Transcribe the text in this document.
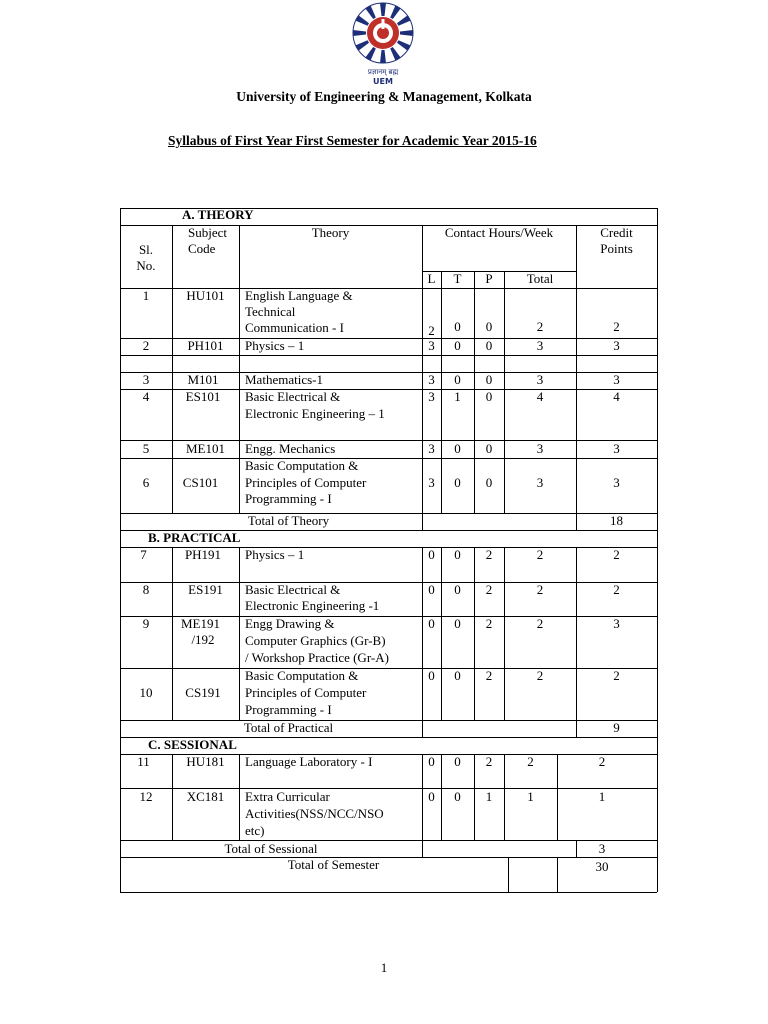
प्रज्ञानम् ब्रह्म
UEM
University of Engineering & Management, Kolkata
Syllabus of First Year First Semester for Academic Year 2015-16
A. THEORY
Sl.
No.
Subject
Code
Theory	Contact Hours/Week	Credit
Points
L	T	P	Total
1	HU101	English Language &
Technical
Communication - I	2	0	0	2	2
2	PH101	Physics – 1	3	0	0	3	3
3	M101	Mathematics-1	3	0	0	3	3
4	ES101	Basic Electrical &
Electronic Engineering – 1
3	1	0	4	4
5	ME101	Engg. Mechanics	3	0	0	3	3
6	CS101
Basic Computation &
Principles of Computer
Programming - I
3	0	0	3	3
Total of Theory	18
B. PRACTICAL
7	PH191	Physics – 1	0	0	2	2	2
8	ES191	Basic Electrical &
Electronic Engineering -1
0	0	2	2	2
9	ME191
/192
Engg Drawing &
Computer Graphics (Gr-B)
/ Workshop Practice (Gr-A)
0	0	2	2	3
10	CS191
Basic Computation &
Principles of Computer
Programming - I
0	0	2	2	2
Total of Practical	9
C. SESSIONAL
11	HU181	Language Laboratory - I	0	0	2	2	2
12	XC181	Extra Curricular
Activities(NSS/NCC/NSO
etc)
0	0	1	1	1
Total of Sessional	3
Total of Semester	30
1
